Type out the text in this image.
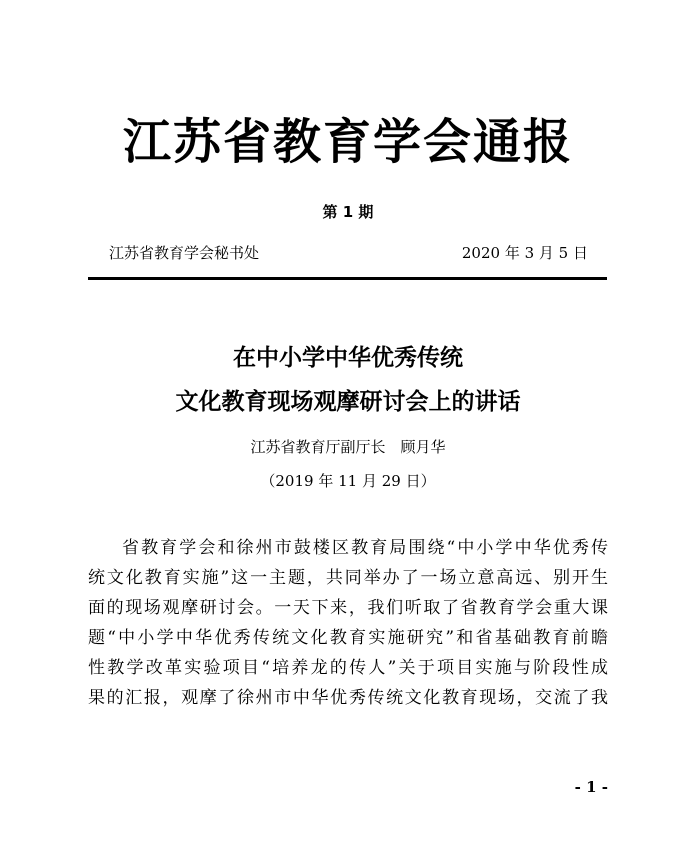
江苏省教育学会通报
第 1 期
江苏省教育学会秘书处	2020 年 3 月 5 日
在中小学中华优秀传统
文化教育现场观摩研讨会上的讲话
江苏省教育厅副厅长　顾月华
（2019 年 11 月 29 日）
省教育学会和徐州市鼓楼区教育局围绕“中小学中华优秀传
统文化教育实施”这一主题，共同举办了一场立意高远、别开生
面的现场观摩研讨会。一天下来，我们听取了省教育学会重大课
题“中小学中华优秀传统文化教育实施研究”和省基础教育前瞻
性教学改革实验项目“培养龙的传人”关于项目实施与阶段性成
果的汇报，观摩了徐州市中华优秀传统文化教育现场，交流了我
- 1 -
